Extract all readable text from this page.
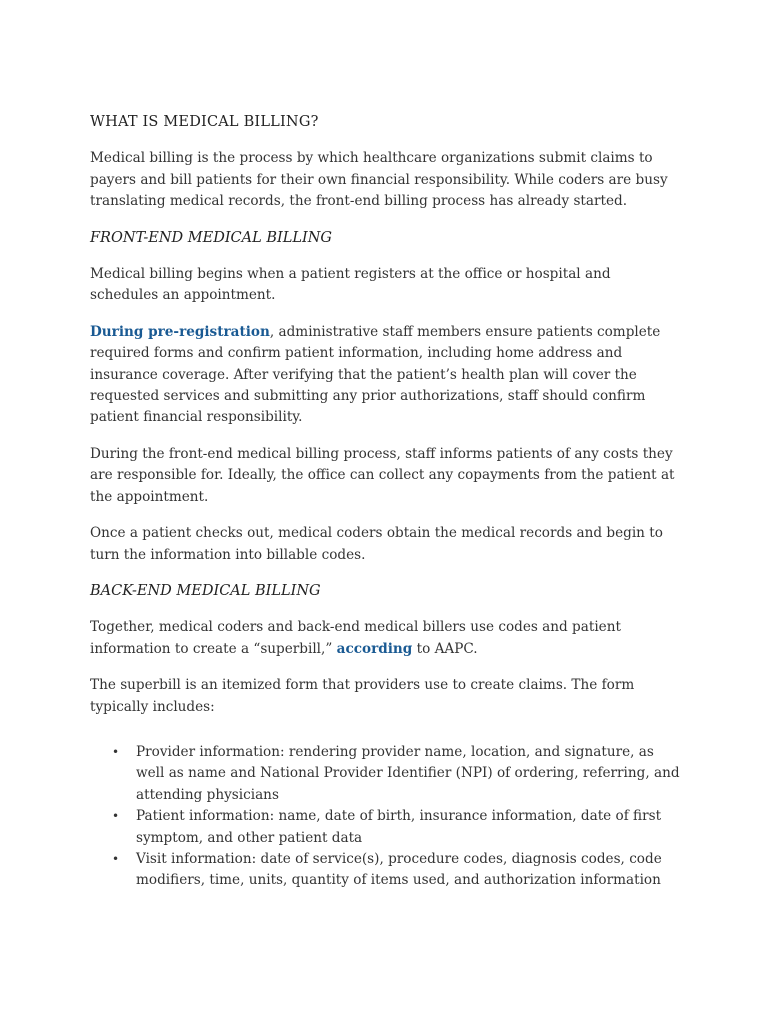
WHAT IS MEDICAL BILLING?

Medical billing is the process by which healthcare organizations submit claims to payers and bill patients for their own financial responsibility. While coders are busy translating medical records, the front-end billing process has already started.

FRONT-END MEDICAL BILLING

Medical billing begins when a patient registers at the office or hospital and schedules an appointment.

During pre-registration, administrative staff members ensure patients complete required forms and confirm patient information, including home address and insurance coverage. After verifying that the patient’s health plan will cover the requested services and submitting any prior authorizations, staff should confirm patient financial responsibility.

During the front-end medical billing process, staff informs patients of any costs they are responsible for. Ideally, the office can collect any copayments from the patient at the appointment.

Once a patient checks out, medical coders obtain the medical records and begin to turn the information into billable codes.

BACK-END MEDICAL BILLING

Together, medical coders and back-end medical billers use codes and patient information to create a “superbill,” according to AAPC.

The superbill is an itemized form that providers use to create claims. The form typically includes:

• Provider information: rendering provider name, location, and signature, as well as name and National Provider Identifier (NPI) of ordering, referring, and attending physicians
• Patient information: name, date of birth, insurance information, date of first symptom, and other patient data
• Visit information: date of service(s), procedure codes, diagnosis codes, code modifiers, time, units, quantity of items used, and authorization information
